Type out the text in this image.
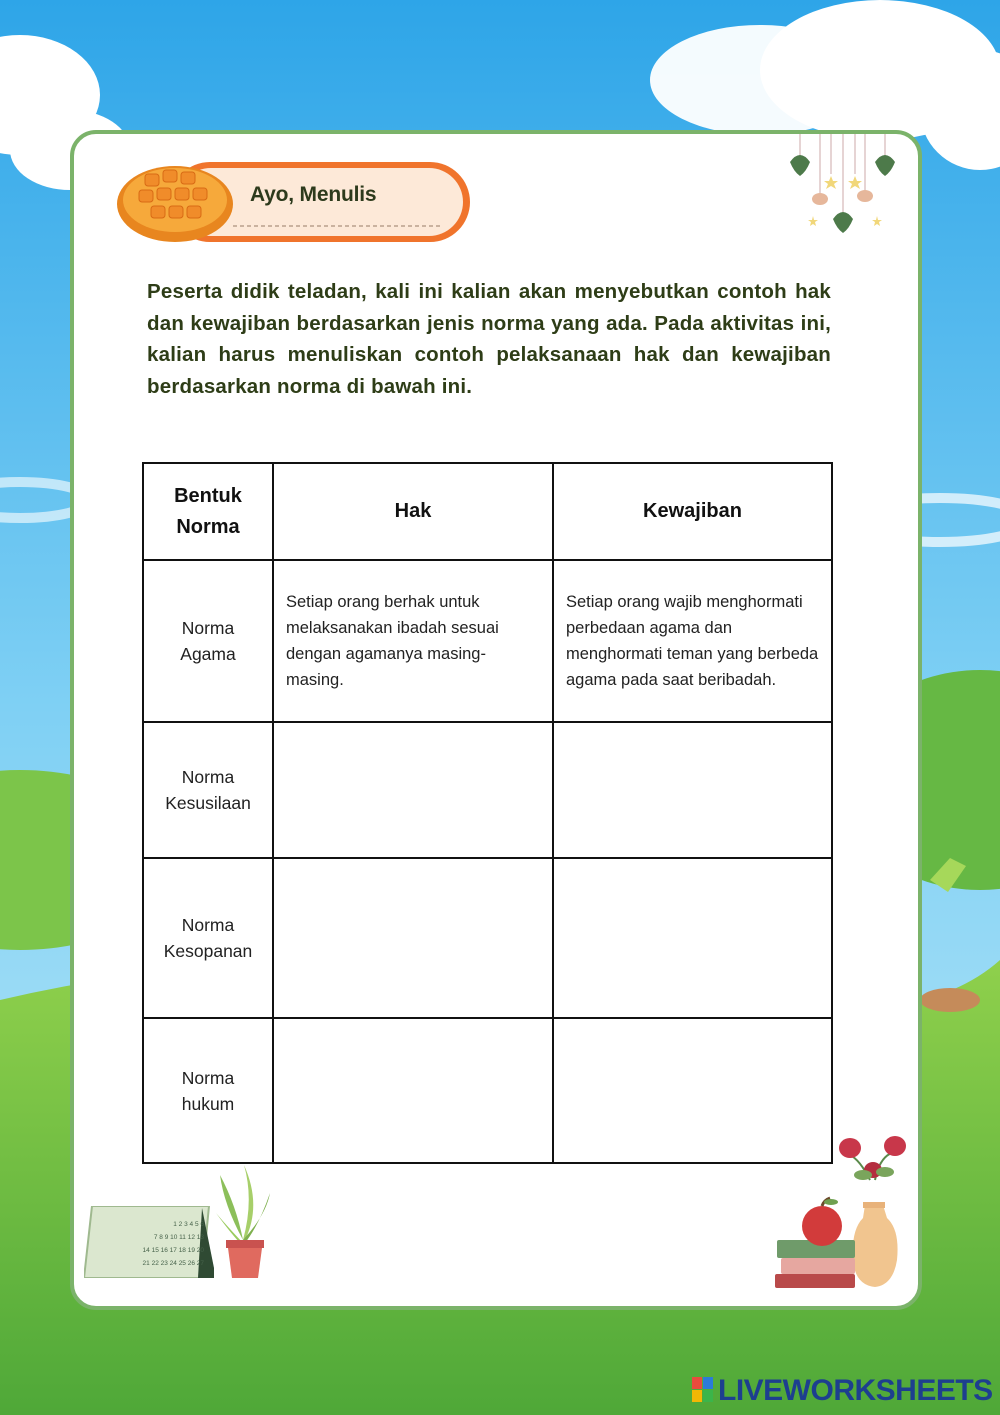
Ayo, Menulis
Peserta didik teladan, kali ini kalian akan menyebutkan contoh hak dan kewajiban berdasarkan jenis norma yang ada. Pada aktivitas ini, kalian harus menuliskan contoh pelaksanaan hak dan kewajiban berdasarkan norma di bawah ini.
Bentuk Norma	Hak	Kewajiban
Norma Agama	Setiap orang berhak untuk melaksanakan ibadah sesuai dengan agamanya masing-masing.	Setiap orang wajib menghormati perbedaan agama dan menghormati teman yang berbeda agama pada saat beribadah.
Norma Kesusilaan		
Norma Kesopanan		
Norma hukum		
1 2 3 4 5 6
7 8 9 10 11 12 13
14 15 16 17 18 19 20
21 22 23 24 25 26 27
LIVEWORKSHEETS
